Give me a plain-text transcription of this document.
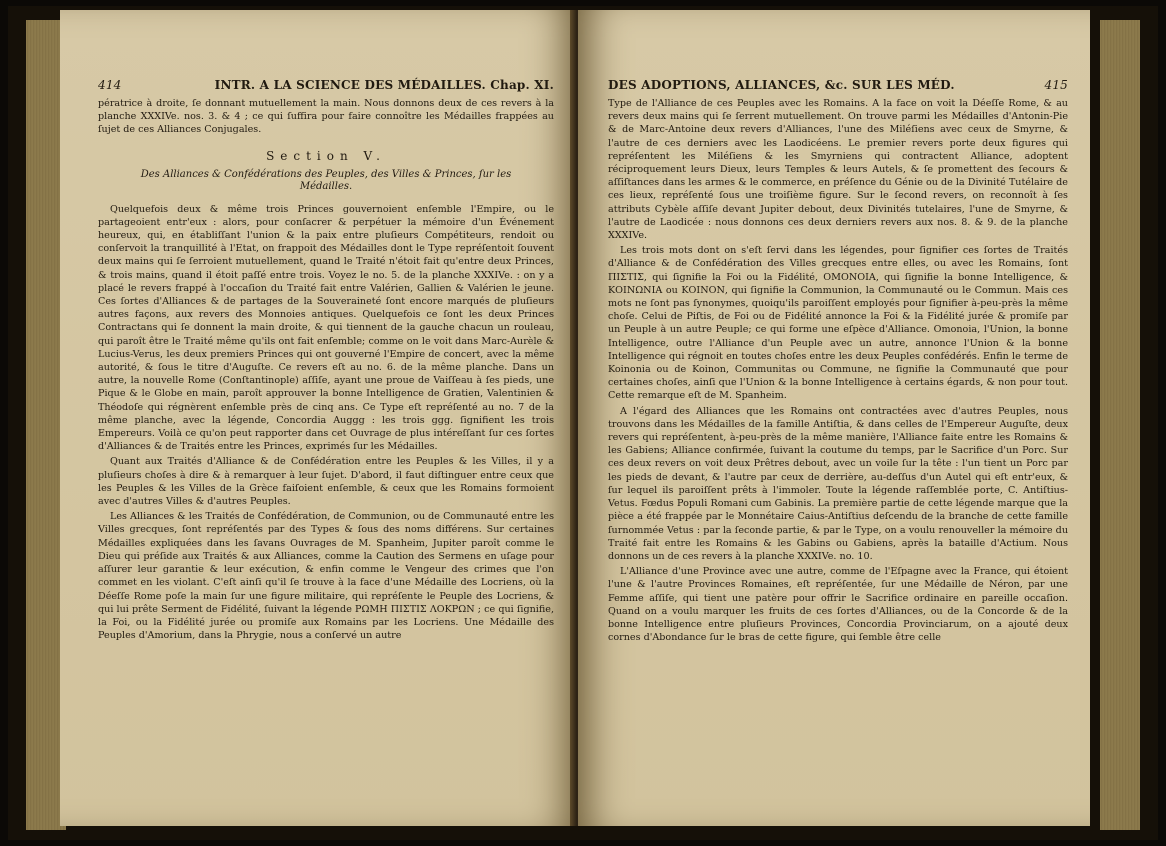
414	INTR. A LA SCIENCE DES MÉDAILLES. Chap. XI.

pératrice à droite, ſe donnant mutuellement la main. Nous donnons deux de ces revers à la planche XXXIVe. nos. 3. & 4 ; ce qui ſuffira pour faire connoître les Médailles frappées au ſujet de ces Alliances Conjugales.

Section V.
Des Alliances & Confédérations des Peuples, des Villes & Princes, ſur les Médailles.

Quelquefois deux & même trois Princes gouvernoient enſemble l'Empire, ou le partageoient entr'eux : alors, pour conſacrer & perpétuer la mémoire d'un Événement heureux, qui, en établiſſant l'union & la paix entre pluſieurs Compétiteurs, rendoit ou conſervoit la tranquillité à l'Etat, on frappoit des Médailles dont le Type repréſentoit ſouvent deux mains qui ſe ſerroient mutuellement, quand le Traité n'étoit fait qu'entre deux Princes, & trois mains, quand il étoit paſſé entre trois. Voyez le no. 5. de la planche XXXIVe. : on y a placé le revers frappé à l'occaſion du Traité fait entre Valérien, Gallien & Valérien le jeune. Ces ſortes d'Alliances & de partages de la Souveraineté ſont encore marqués de pluſieurs autres façons, aux revers des Monnoies antiques. Quelquefois ce ſont les deux Princes Contractans qui ſe donnent la main droite, & qui tiennent de la gauche chacun un rouleau, qui paroît être le Traité même qu'ils ont fait enſemble; comme on le voit dans Marc-Aurèle & Lucius-Verus, les deux premiers Princes qui ont gouverné l'Empire de concert, avec la même autorité, & ſous le titre d'Auguſte. Ce revers eſt au no. 6. de la même planche. Dans un autre, la nouvelle Rome (Conſtantinople) aſſiſe, ayant une proue de Vaiſſeau à ſes pieds, une Pique & le Globe en main, paroît approuver la bonne Intelligence de Gratien, Valentinien & Théodoſe qui régnèrent enſemble près de cinq ans. Ce Type eſt repréſenté au no. 7 de la même planche, avec la légende, Concordia Auggg : les trois ggg. ſignifient les trois Empereurs. Voilà ce qu'on peut rapporter dans cet Ouvrage de plus intéreſſant ſur ces ſortes d'Alliances & de Traités entre les Princes, exprimés ſur les Médailles.

Quant aux Traités d'Alliance & de Confédération entre les Peuples & les Villes, il y a pluſieurs choſes à dire & à remarquer à leur ſujet. D'abord, il faut diſtinguer entre ceux que les Peuples & les Villes de la Grèce faiſoient enſemble, & ceux que les Romains formoient avec d'autres Villes & d'autres Peuples.

Les Alliances & les Traités de Confédération, de Communion, ou de Communauté entre les Villes grecques, ſont repréſentés par des Types & ſous des noms différens. Sur certaines Médailles expliquées dans les ſavans Ouvrages de M. Spanheim, Jupiter paroît comme le Dieu qui préſide aux Traités & aux Alliances, comme la Caution des Sermens en uſage pour aſſurer leur garantie & leur exécution, & enfin comme le Vengeur des crimes que l'on commet en les violant. C'eſt ainſi qu'il ſe trouve à la face d'une Médaille des Locriens, où la Déeſſe Rome poſe la main ſur une figure militaire, qui repréſente le Peuple des Locriens, & qui lui prête Serment de Fidélité, ſuivant la légende ΡΩΜΗ ΠΙΣΤΙΣ ΛΟΚΡΩΝ ; ce qui ſignifie, la Foi, ou la Fidélité jurée ou promiſe aux Romains par les Locriens. Une Médaille des Peuples d'Amorium, dans la Phrygie, nous a conſervé un autre

DES ADOPTIONS, ALLIANCES, &c. SUR LES MÉD.	415

Type de l'Alliance de ces Peuples avec les Romains. A la face on voit la Déeſſe Rome, & au revers deux mains qui ſe ſerrent mutuellement. On trouve parmi les Médailles d'Antonin-Pie & de Marc-Antoine deux revers d'Alliances, l'une des Miléſiens avec ceux de Smyrne, & l'autre de ces derniers avec les Laodicéens. Le premier revers porte deux figures qui repréſentent les Miléſiens & les Smyrniens qui contractent Alliance, adoptent réciproquement leurs Dieux, leurs Temples & leurs Autels, & ſe promettent des ſecours & aſſiſtances dans les armes & le commerce, en préſence du Génie ou de la Divinité Tutélaire de ces lieux, repréſenté ſous une troiſième figure. Sur le ſecond revers, on reconnoît à ſes attributs Cybèle aſſiſe devant Jupiter debout, deux Divinités tutelaires, l'une de Smyrne, & l'autre de Laodicée : nous donnons ces deux derniers revers aux nos. 8. & 9. de la planche XXXIVe.

Les trois mots dont on s'eſt ſervi dans les légendes, pour ſignifier ces ſortes de Traités d'Alliance & de Confédération des Villes grecques entre elles, ou avec les Romains, ſont ΠΙΣΤΙΣ, qui ſignifie la Foi ou la Fidélité, ΟΜΟΝΟΙΑ, qui ſignifie la bonne Intelligence, & ΚΟΙΝΩΝΙΑ ou ΚΟΙΝΟΝ, qui ſignifie la Communion, la Communauté ou le Commun. Mais ces mots ne ſont pas ſynonymes, quoiqu'ils paroiſſent employés pour ſignifier à-peu-près la même choſe. Celui de Piſtis, de Foi ou de Fidélité annonce la Foi & la Fidélité jurée & promiſe par un Peuple à un autre Peuple; ce qui forme une eſpèce d'Alliance. Omonoia, l'Union, la bonne Intelligence, outre l'Alliance d'un Peuple avec un autre, annonce l'Union & la bonne Intelligence qui régnoit en toutes choſes entre les deux Peuples confédérés. Enfin le terme de Koinonia ou de Koinon, Communitas ou Commune, ne ſignifie la Communauté que pour certaines choſes, ainſi que l'Union & la bonne Intelligence à certains égards, & non pour tout. Cette remarque eſt de M. Spanheim.

A l'égard des Alliances que les Romains ont contractées avec d'autres Peuples, nous trouvons dans les Médailles de la famille Antiſtia, & dans celles de l'Empereur Auguſte, deux revers qui repréſentent, à-peu-près de la même manière, l'Alliance faite entre les Romains & les Gabiens; Alliance confirmée, ſuivant la coutume du temps, par le Sacrifice d'un Porc. Sur ces deux revers on voit deux Prêtres debout, avec un voile ſur la tête : l'un tient un Porc par les pieds de devant, & l'autre par ceux de derrière, au-deſſus d'un Autel qui eſt entr'eux, & ſur lequel ils paroiſſent prêts à l'immoler. Toute la légende raſſemblée porte, C. Antiſtius-Vetus. Fœdus Populi Romani cum Gabinis. La première partie de cette légende marque que la pièce a été frappée par le Monnétaire Caius-Antiſtius deſcendu de la branche de cette famille ſurnommée Vetus : par la ſeconde partie, & par le Type, on a voulu renouveller la mémoire du Traité fait entre les Romains & les Gabins ou Gabiens, après la bataille d'Actium. Nous donnons un de ces revers à la planche XXXIVe. no. 10.

L'Alliance d'une Province avec une autre, comme de l'Eſpagne avec la France, qui étoient l'une & l'autre Provinces Romaines, eſt repréſentée, ſur une Médaille de Néron, par une Femme aſſiſe, qui tient une patère pour offrir le Sacrifice ordinaire en pareille occaſion. Quand on a voulu marquer les fruits de ces ſortes d'Alliances, ou de la Concorde & de la bonne Intelligence entre pluſieurs Provinces, Concordia Provinciarum, on a ajouté deux cornes d'Abondance ſur le bras de cette figure, qui ſemble être celle
